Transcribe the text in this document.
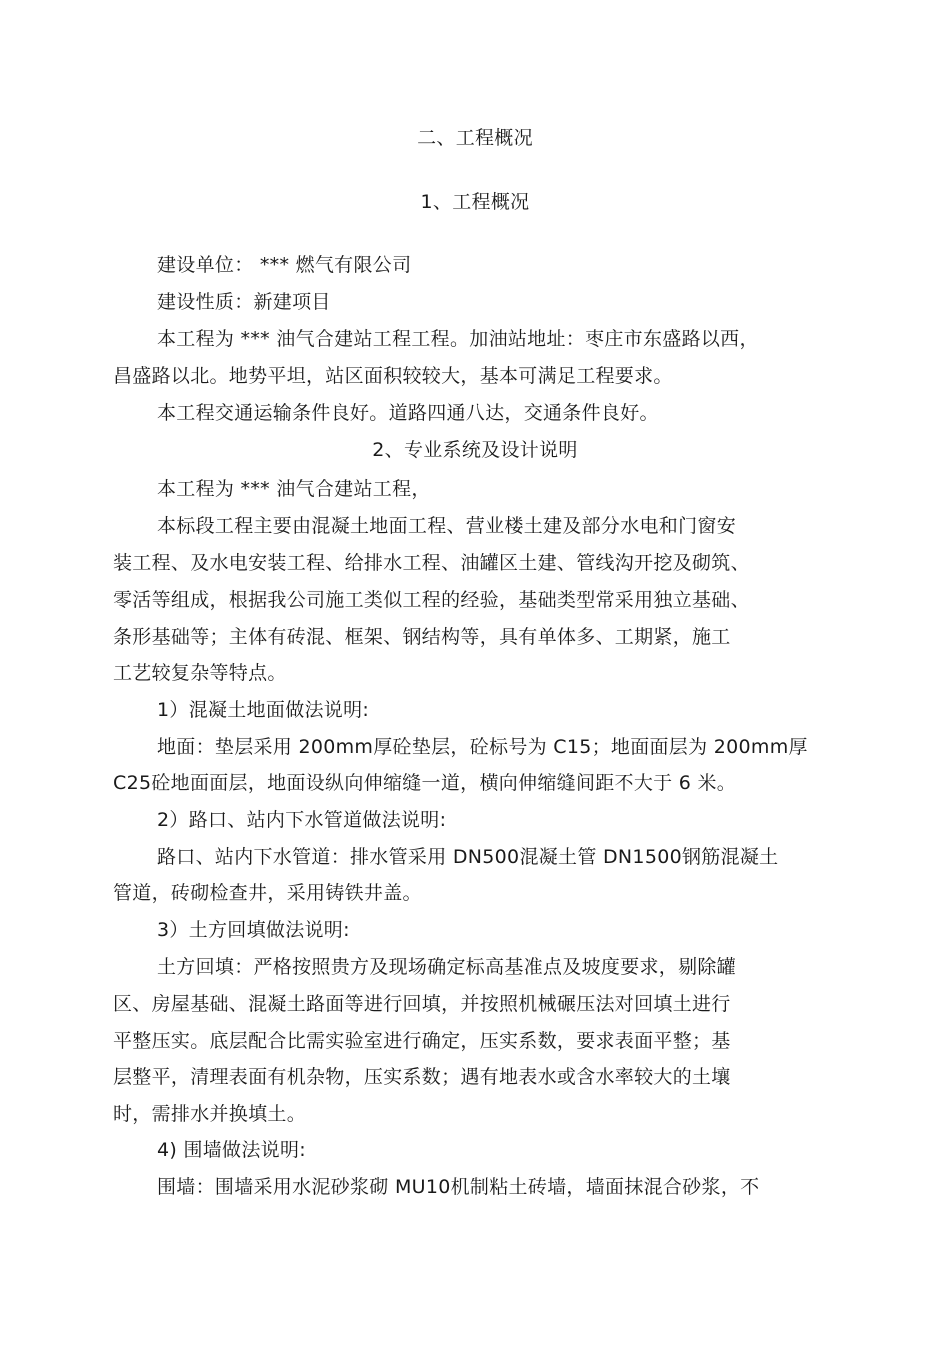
二、工程概况
1、工程概况
建设单位： *** 燃气有限公司
建设性质：新建项目
本工程为 *** 油气合建站工程工程。加油站地址：枣庄市东盛路以西，
昌盛路以北。地势平坦，站区面积较较大，基本可满足工程要求。
本工程交通运输条件良好。道路四通八达，交通条件良好。
2、专业系统及设计说明
本工程为 *** 油气合建站工程，
本标段工程主要由混凝土地面工程、营业楼土建及部分水电和门窗安
装工程、及水电安装工程、给排水工程、油罐区土建、管线沟开挖及砌筑、
零活等组成，根据我公司施工类似工程的经验，基础类型常采用独立基础、
条形基础等；主体有砖混、框架、钢结构等，具有单体多、工期紧，施工
工艺较复杂等特点。
1）混凝土地面做法说明:
地面：垫层采用 200mm厚砼垫层，砼标号为 C15；地面面层为 200mm厚
C25砼地面面层，地面设纵向伸缩缝一道，横向伸缩缝间距不大于 6 米。
2）路口、站内下水管道做法说明:
路口、站内下水管道：排水管采用 DN500混凝土管 DN1500钢筋混凝土
管道，砖砌检查井，采用铸铁井盖。
3）土方回填做法说明:
土方回填：严格按照贵方及现场确定标高基准点及坡度要求，剔除罐
区、房屋基础、混凝土路面等进行回填，并按照机械碾压法对回填土进行
平整压实。底层配合比需实验室进行确定，压实系数，要求表面平整；基
层整平，清理表面有机杂物，压实系数；遇有地表水或含水率较大的土壤
时，需排水并换填土。
4) 围墙做法说明:
围墙：围墙采用水泥砂浆砌 MU10机制粘土砖墙，墙面抹混合砂浆，不
